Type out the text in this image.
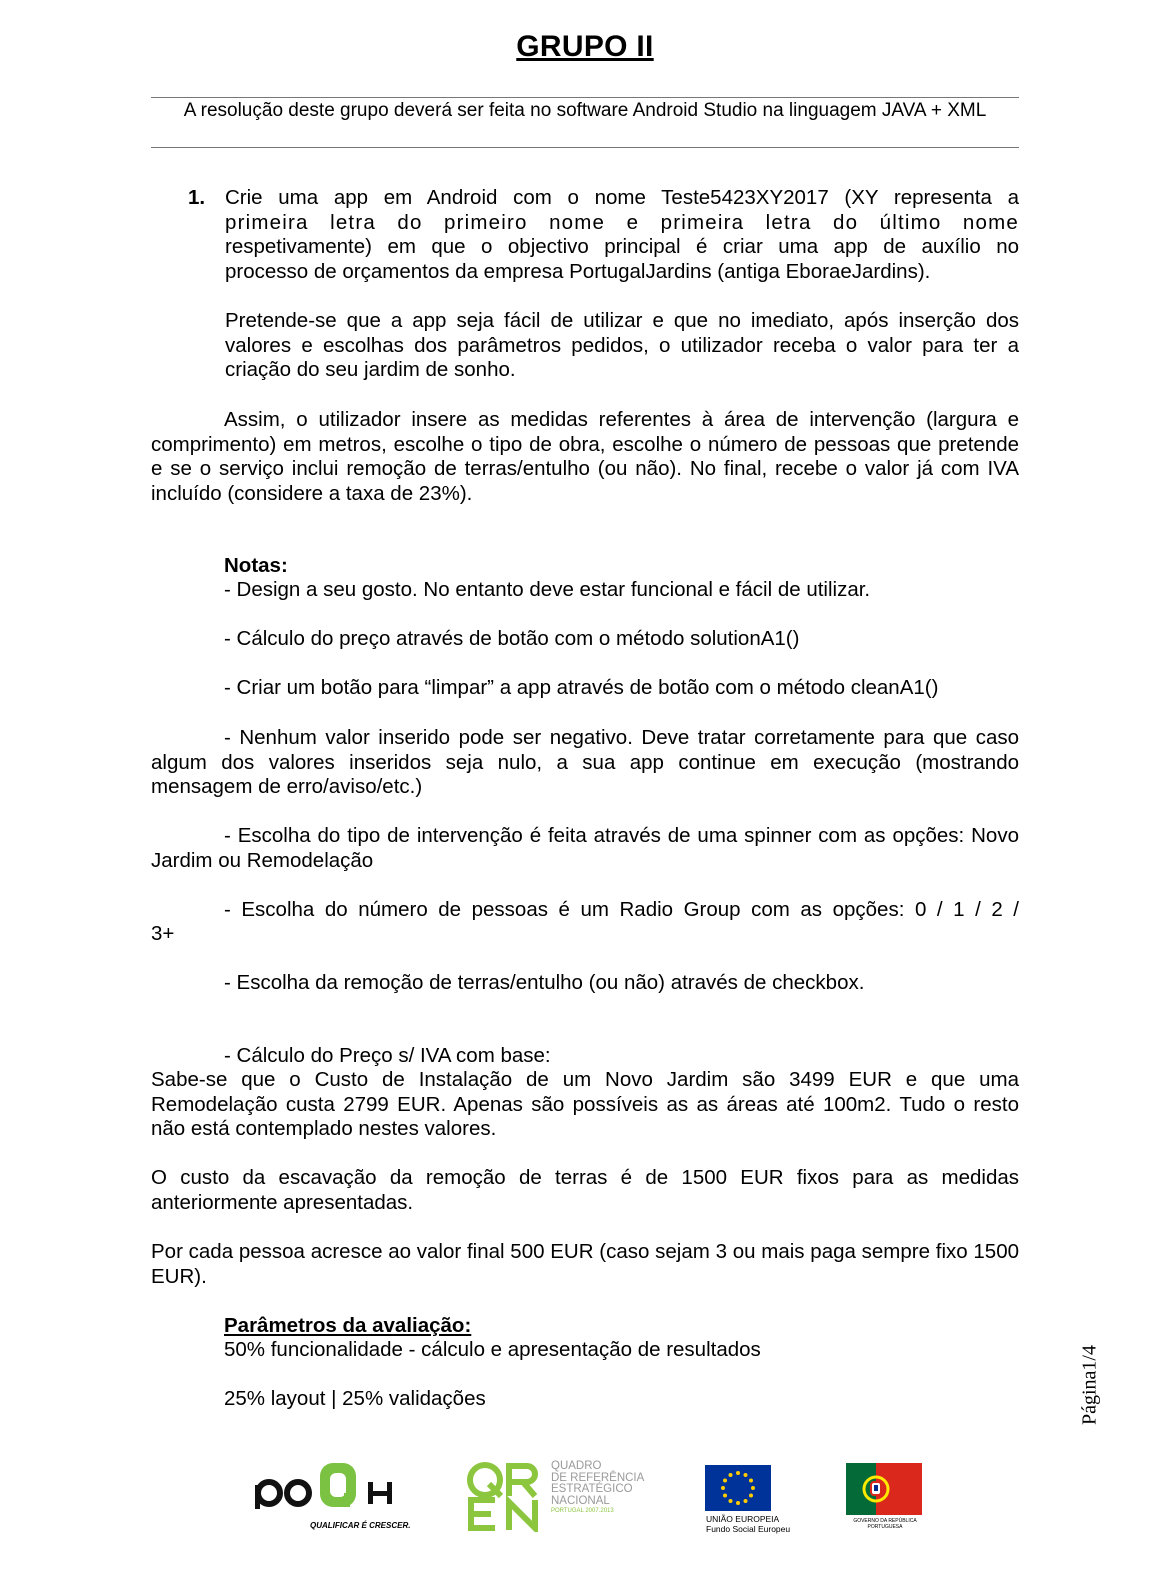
GRUPO II
A resolução deste grupo deverá ser feita no software Android Studio na linguagem JAVA + XML
1. Crie uma app em Android com o nome Teste5423XY2017 (XY representa a
primeira letra do primeiro nome e primeira letra do último nome
respetivamente) em que o objectivo principal é criar uma app de auxílio no
processo de orçamentos da empresa PortugalJardins (antiga EboraeJardins).
Pretende-se que a app seja fácil de utilizar e que no imediato, após inserção dos valores e escolhas dos parâmetros pedidos, o utilizador receba o valor para ter a criação do seu jardim de sonho.
Assim, o utilizador insere as medidas referentes à área de intervenção (largura e comprimento) em metros, escolhe o tipo de obra, escolhe o número de pessoas que pretende e se o serviço inclui remoção de terras/entulho (ou não). No final, recebe o valor já com IVA incluído (considere a taxa de 23%).
Notas:
- Design a seu gosto. No entanto deve estar funcional e fácil de utilizar.
- Cálculo do preço através de botão com o método solutionA1()
- Criar um botão para “limpar” a app através de botão com o método cleanA1()
- Nenhum valor inserido pode ser negativo. Deve tratar corretamente para que caso algum dos valores inseridos seja nulo, a sua app continue em execução (mostrando mensagem de erro/aviso/etc.)
- Escolha do tipo de intervenção é feita através de uma spinner com as opções: Novo Jardim ou Remodelação
- Escolha do número de pessoas é um Radio Group com as opções: 0 / 1 / 2 /
3+
- Escolha da remoção de terras/entulho (ou não) através de checkbox.
- Cálculo do Preço s/ IVA com base:
Sabe-se que o Custo de Instalação de um Novo Jardim são 3499 EUR e que uma Remodelação custa 2799 EUR. Apenas são possíveis as as áreas até 100m2. Tudo o resto não está contemplado nestes valores.
O custo da escavação da remoção de terras é de 1500 EUR fixos para as medidas anteriormente apresentadas.
Por cada pessoa acresce ao valor final 500 EUR (caso sejam 3 ou mais paga sempre fixo 1500 EUR).
Parâmetros da avaliação:
50% funcionalidade - cálculo e apresentação de resultados
25% layout | 25% validações	Página1/4
QUALIFICAR É CRESCER.
QUADRO
DE REFERÊNCIA
ESTRATÉGICO
NACIONAL
PORTUGAL 2007.2013
UNIÃO EUROPEIA
Fundo Social Europeu
GOVERNO DA REPÚBLICA
PORTUGUESA
